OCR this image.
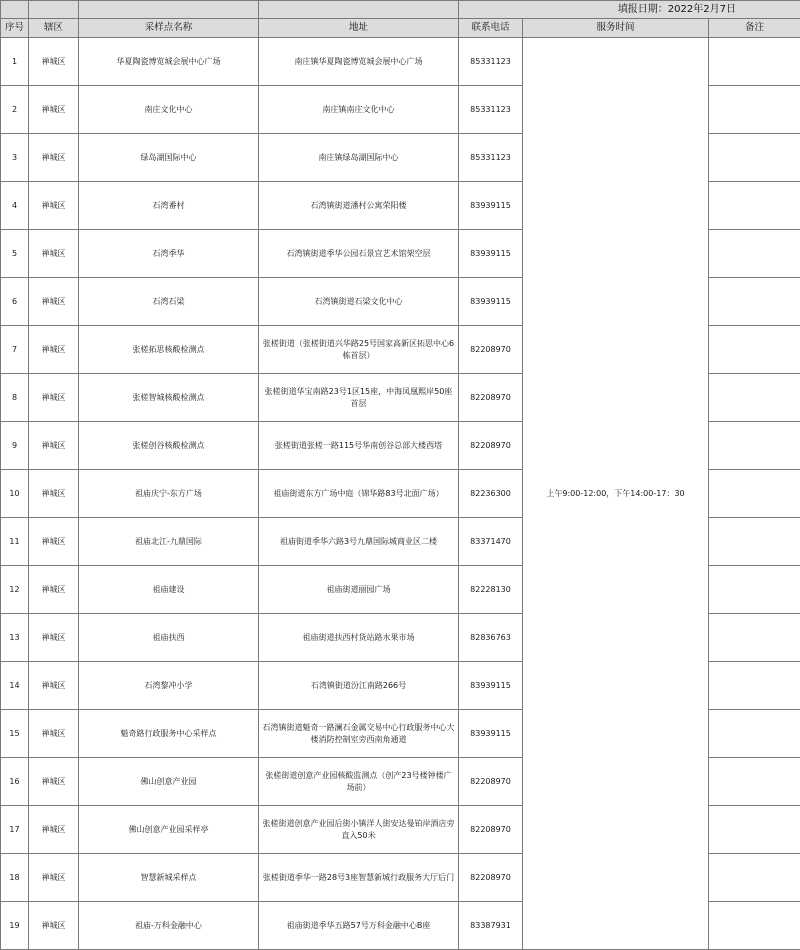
				填报日期：2022年2月7日		
序号	辖区	采样点名称	地址	联系电话	服务时间	备注
1	禅城区	华夏陶瓷博览城会展中心广场	南庄镇华夏陶瓷博览城会展中心广场	85331123	上午9:00-12:00，下午14:00-17：30	
2	禅城区	南庄文化中心	南庄镇南庄文化中心	85331123		
3	禅城区	绿岛湖国际中心	南庄镇绿岛湖国际中心	85331123		
4	禅城区	石湾番村	石湾镇街道潘村公寓荣阳楼	83939115		
5	禅城区	石湾季华	石湾镇街道季华公园石景宜艺术馆架空层	83939115		
6	禅城区	石湾石梁	石湾镇街道石梁文化中心	83939115		
7	禅城区	张槎拓思核酸检测点	张槎街道（张槎街道兴华路25号国家高新区拓思中心6栋首层）	82208970		
8	禅城区	张槎智城核酸检测点	张槎街道华宝南路23号1区15座，中海凤凰熙岸50座首层	82208970		
9	禅城区	张槎创谷核酸检测点	张槎街道张槎一路115号华南创谷总部大楼西塔	82208970		
10	禅城区	祖庙庆宁-东方广场	祖庙街道东方广场中庭（锦华路83号北面广场）	82236300		
11	禅城区	祖庙北江-九鼎国际	祖庙街道季华六路3号九鼎国际城商业区二楼	83371470		
12	禅城区	祖庙建设	祖庙街道丽园广场	82228130		
13	禅城区	祖庙扶西	祖庙街道扶西村货站路水果市场	82836763		
14	禅城区	石湾黎冲小学	石湾镇街道汾江南路266号	83939115		
15	禅城区	魁奇路行政服务中心采样点	石湾镇街道魁奇一路澜石金属交易中心行政服务中心大楼消防控制室旁西南角通道	83939115		
16	禅城区	佛山创意产业园	张槎街道创意产业园核酸监测点（创产23号楼钟楼广场前）	82208970		
17	禅城区	佛山创意产业园采样亭	张槎街道创意产业园后街小镇洋人街安达曼铂岸酒店旁直入50米	82208970		
18	禅城区	智慧新城采样点	张槎街道季华一路28号3座智慧新城行政服务大厅后门	82208970		
19	禅城区	祖庙-万科金融中心	祖庙街道季华五路57号万科金融中心B座	83387931		
